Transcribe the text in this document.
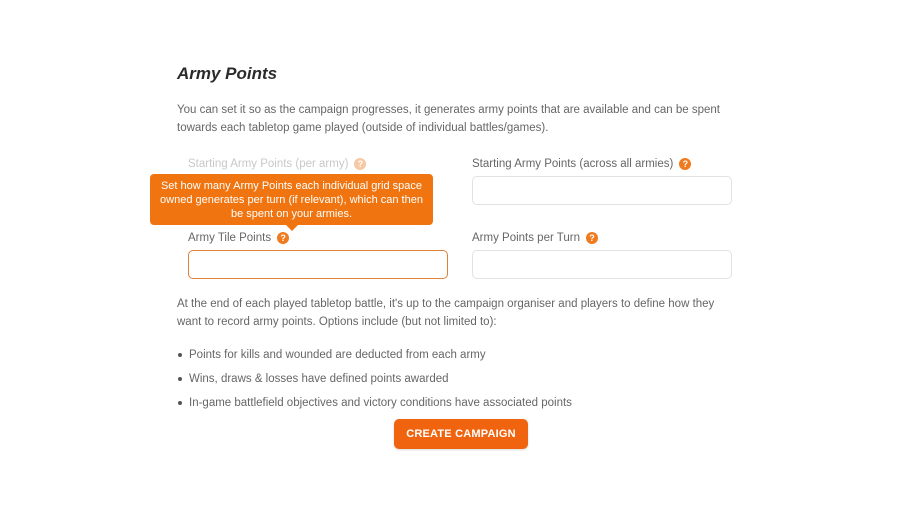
Army Points

You can set it so as the campaign progresses, it generates army points that are available and can be spent towards each tabletop game played (outside of individual battles/games).

Starting Army Points (per army)	?	Starting Army Points (across all armies)	?
Army Tile Points	?	Army Points per Turn	?
Set how many Army Points each individual grid space owned generates per turn (if relevant), which can then be spent on your armies.

At the end of each played tabletop battle, it's up to the campaign organiser and players to define how they want to record army points. Options include (but not limited to):

Points for kills and wounded are deducted from each army
Wins, draws & losses have defined points awarded
In-game battlefield objectives and victory conditions have associated points
CREATE CAMPAIGN
